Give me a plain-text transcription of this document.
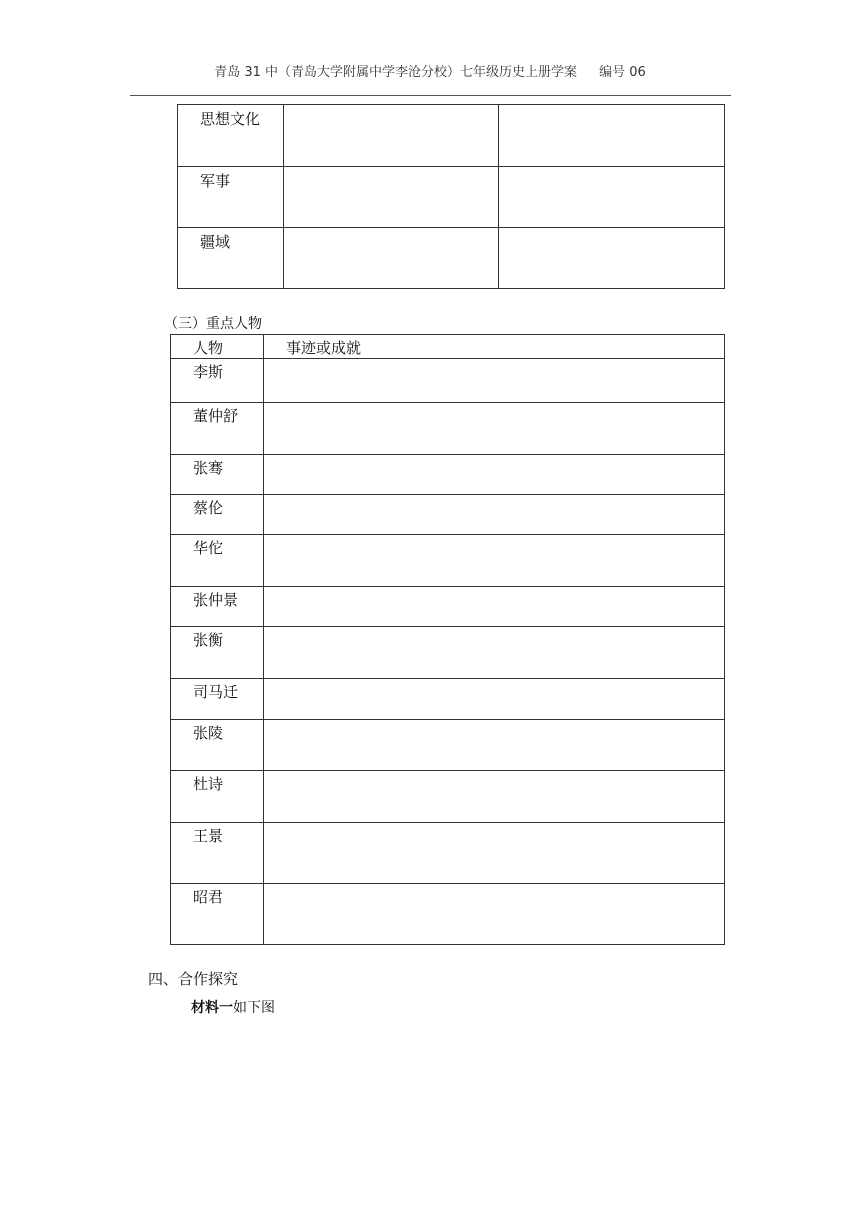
青岛 31 中（青岛大学附属中学李沧分校）七年级历史上册学案 编号 06
思想文化		
军事		
疆域		
（三）重点人物
人物	事迹或成就
李斯	
董仲舒	
张骞	
蔡伦	
华佗	
张仲景	
张衡	
司马迁	
张陵	
杜诗	
王景	
昭君	
四、合作探究
材料一如下图
